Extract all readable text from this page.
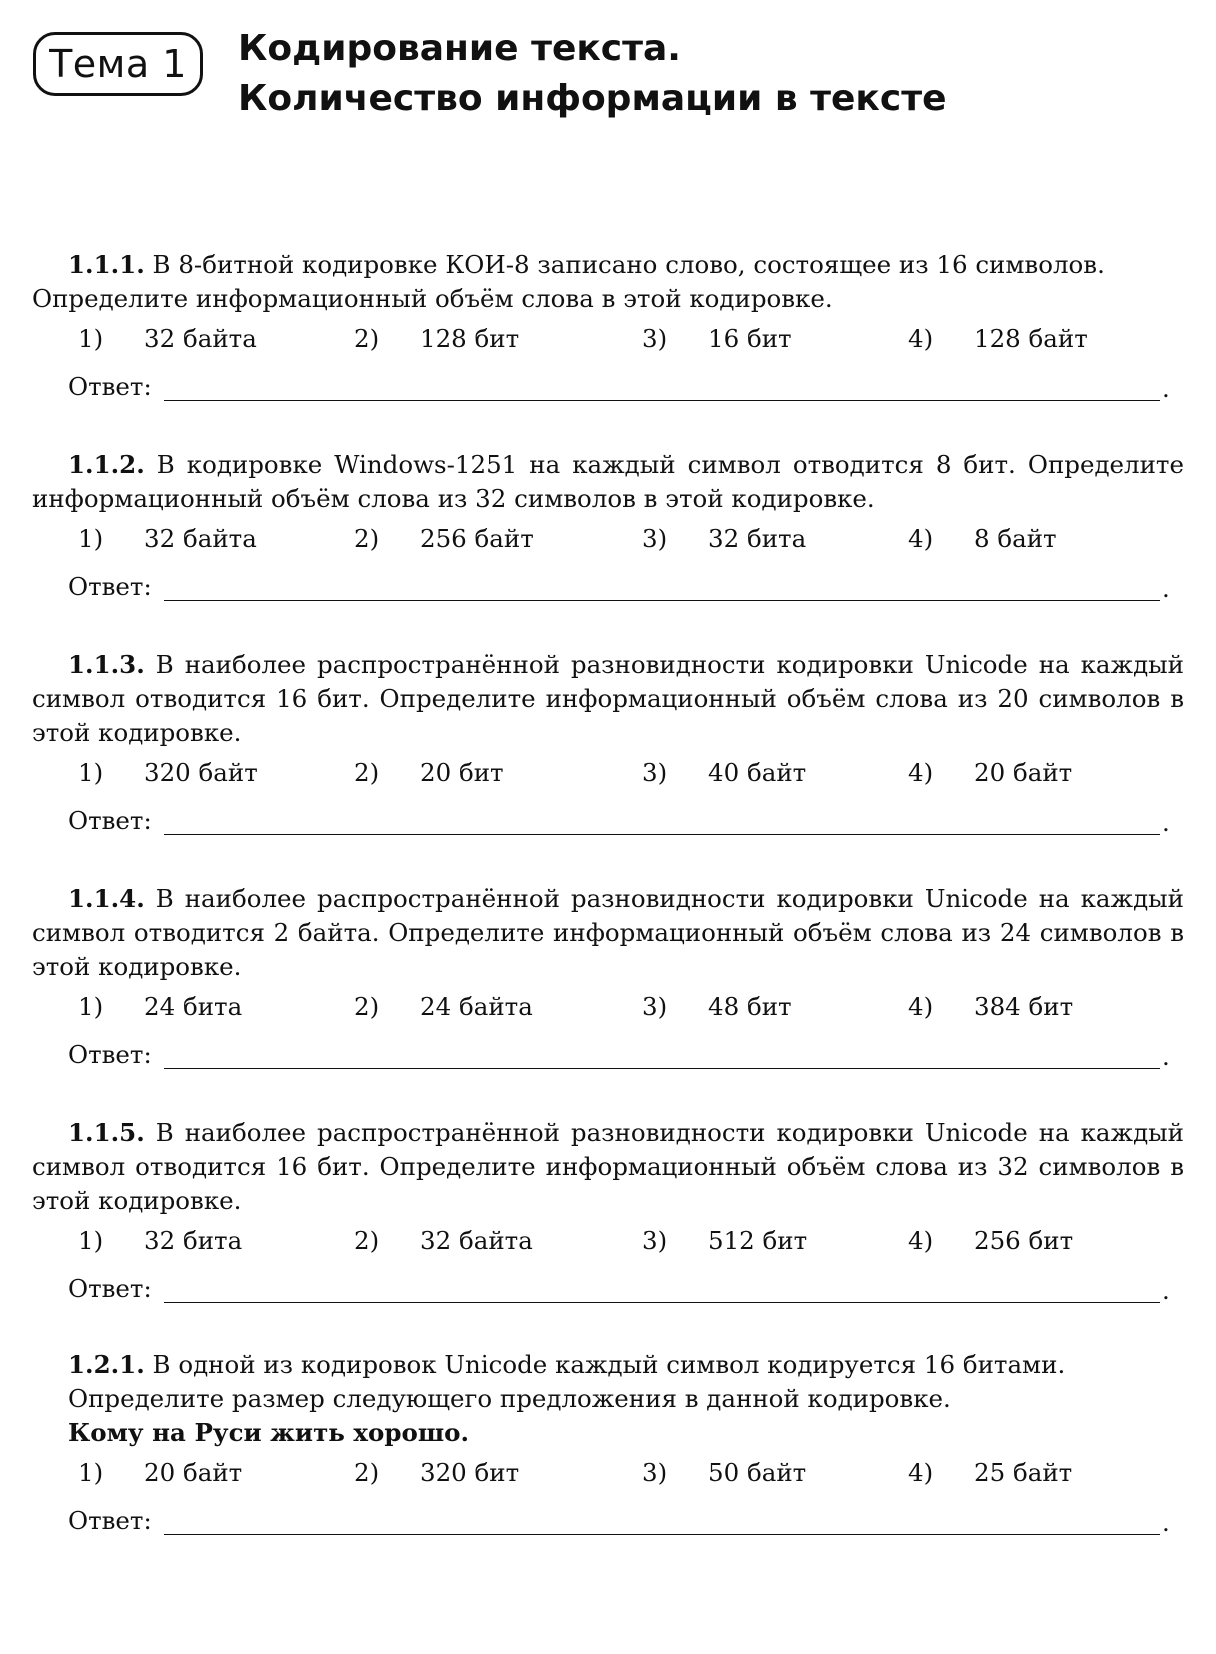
Тема 1	Кодирование текста.
Количество информации в тексте

1.1.1. В 8-битной кодировке КОИ-8 записано слово, состоящее из 16 символов.
Определите информационный объём слова в этой кодировке.

1) 32 байта	2) 128 бит	3) 16 бит	4) 128 байт
Ответ:	.

1.1.2. В кодировке Windows-1251 на каждый символ отводится 8 бит. Определите информационный объём слова из 32 символов в этой кодировке.

1) 32 байта	2) 256 байт	3) 32 бита	4) 8 байт
Ответ:	.

1.1.3. В наиболее распространённой разновидности кодировки Unicode на каждый символ отводится 16 бит. Определите информационный объём слова из 20 символов в этой кодировке.

1) 320 байт	2) 20 бит	3) 40 байт	4) 20 байт
Ответ:	.

1.1.4. В наиболее распространённой разновидности кодировки Unicode на каждый символ отводится 2 байта. Определите информационный объём слова из 24 символов в этой кодировке.

1) 24 бита	2) 24 байта	3) 48 бит	4) 384 бит
Ответ:	.

1.1.5. В наиболее распространённой разновидности кодировки Unicode на каждый символ отводится 16 бит. Определите информационный объём слова из 32 символов в этой кодировке.

1) 32 бита	2) 32 байта	3) 512 бит	4) 256 бит
Ответ:	.

1.2.1. В одной из кодировок Unicode каждый символ кодируется 16 битами.
Определите размер следующего предложения в данной кодировке.

Кому на Руси жить хорошо.
1) 20 байт	2) 320 бит	3) 50 байт	4) 25 байт
Ответ:	.
